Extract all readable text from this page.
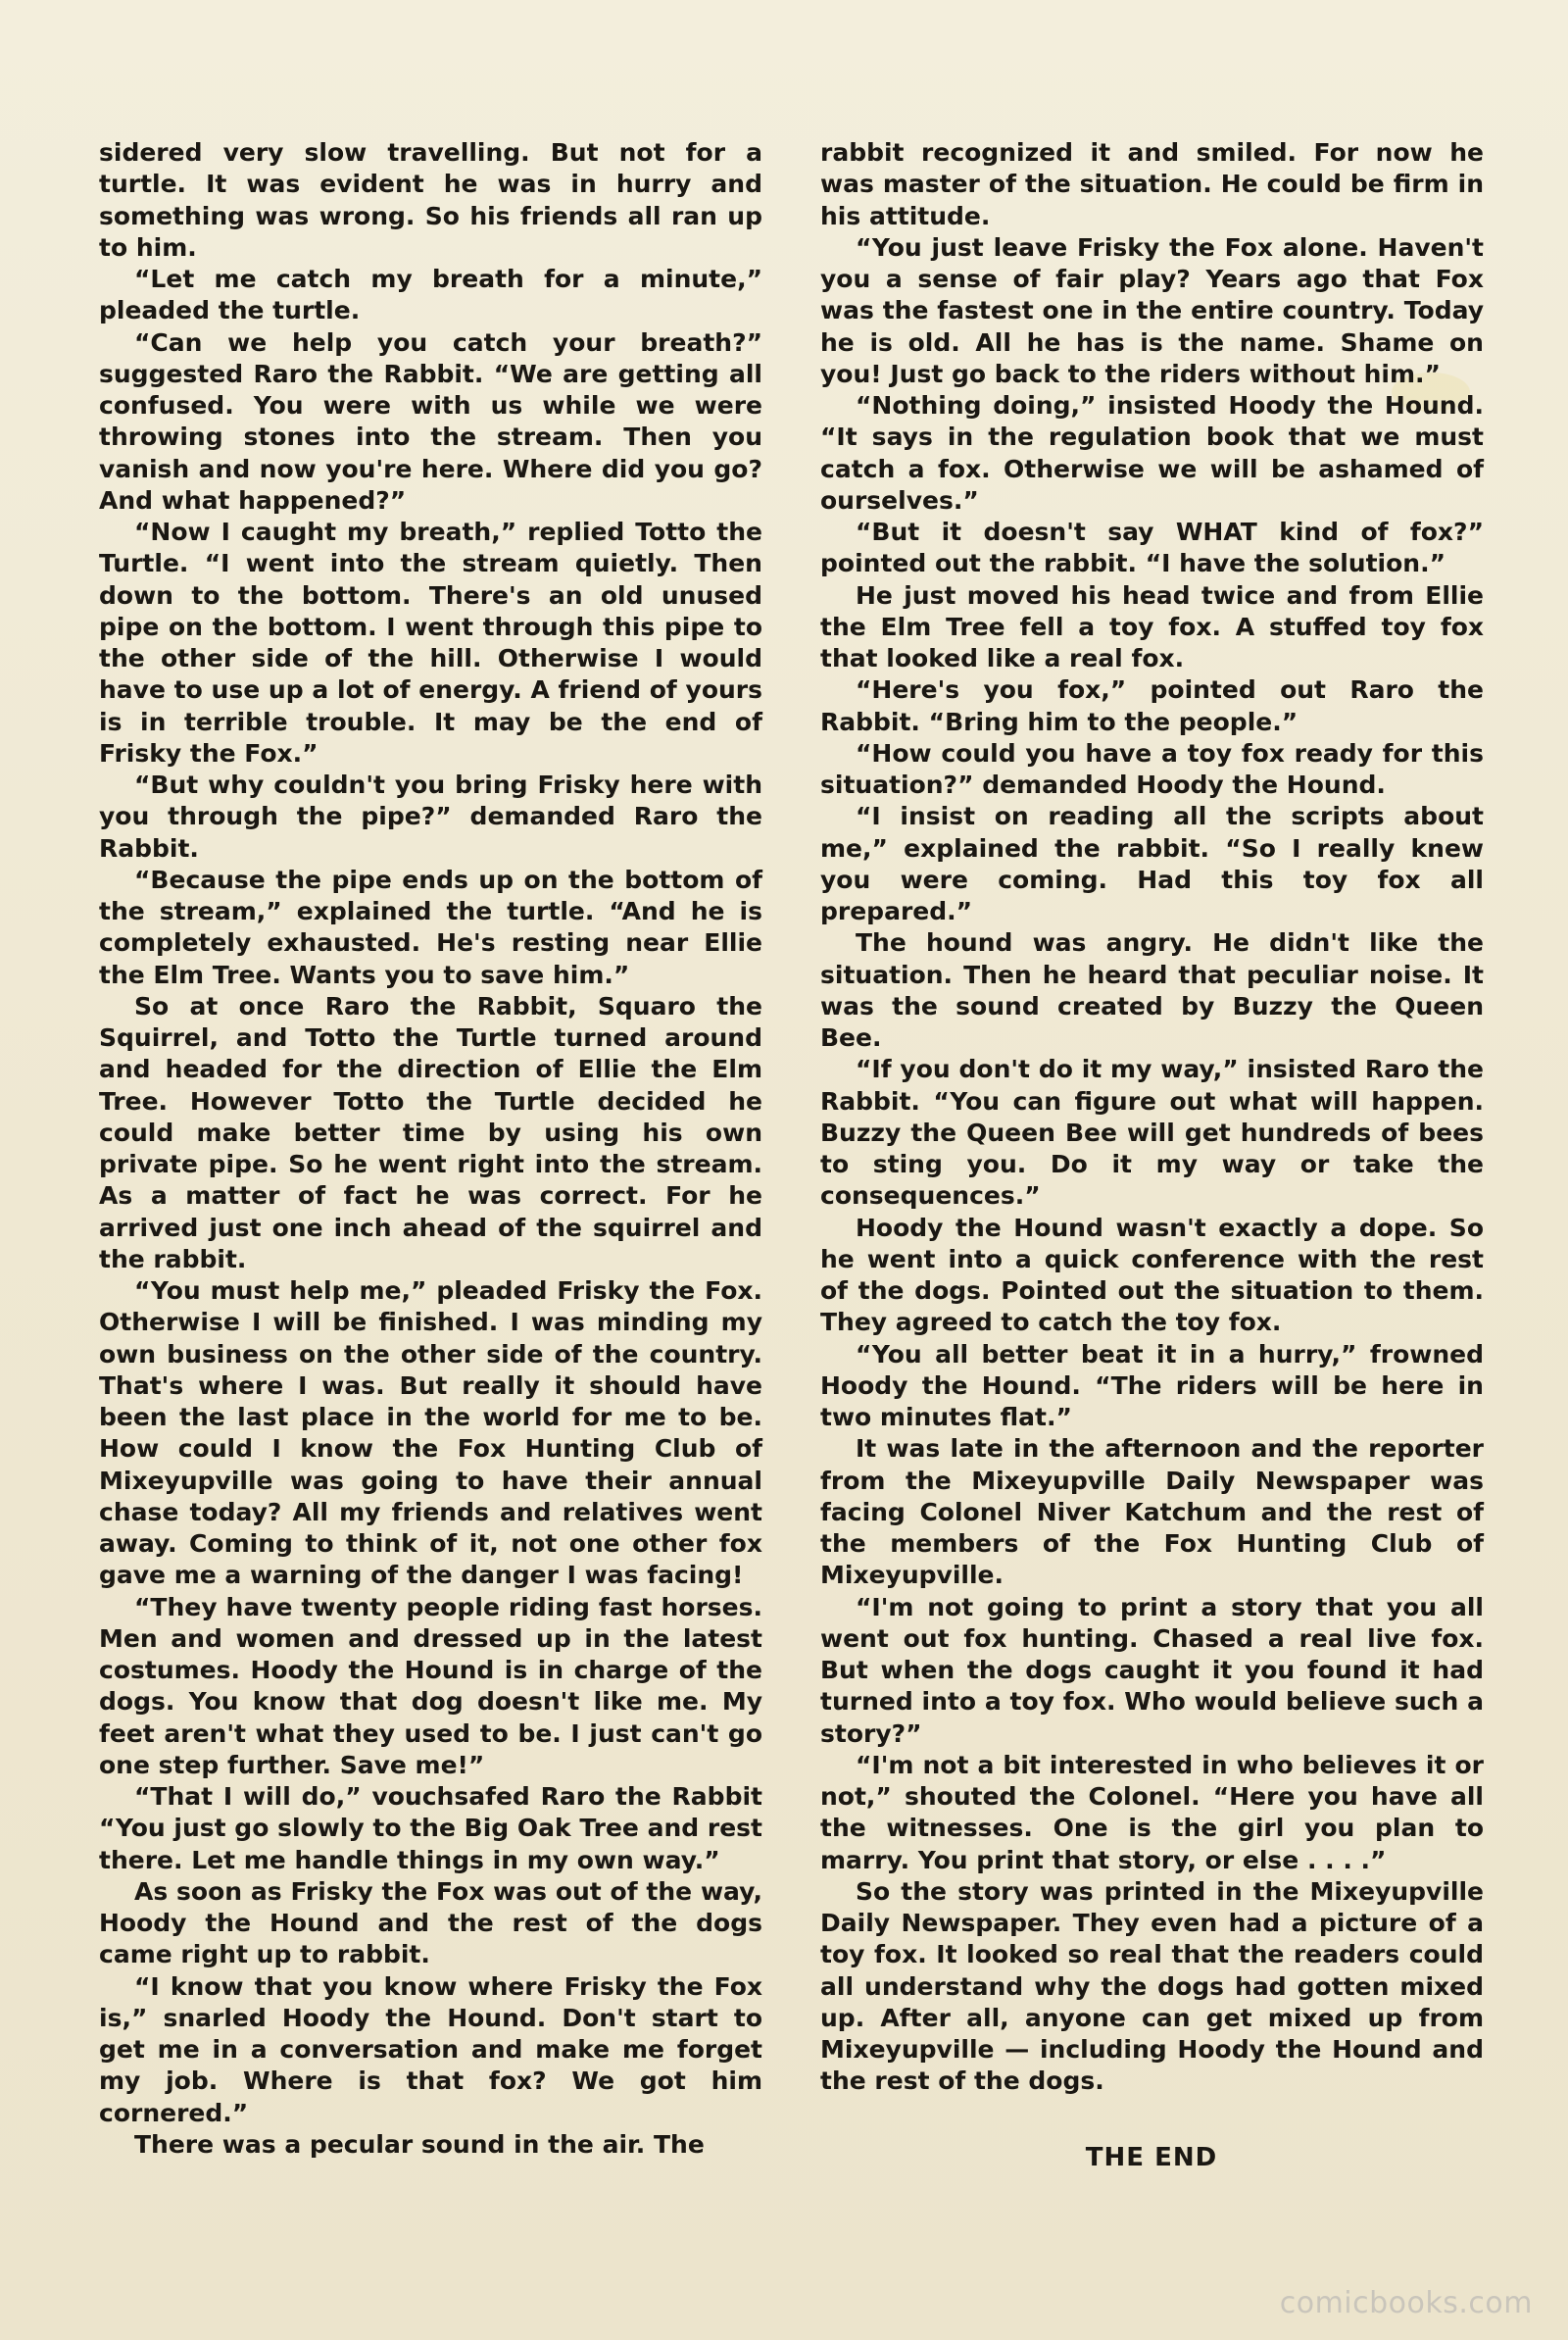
sidered very slow travelling. But not for a turtle. It was evident he was in hurry and something was wrong. So his friends all ran up to him.

“Let me catch my breath for a minute,” pleaded the turtle.

“Can we help you catch your breath?” suggested Raro the Rabbit. “We are getting all confused. You were with us while we were throwing stones into the stream. Then you vanish and now you're here. Where did you go? And what happened?”

“Now I caught my breath,” replied Totto the Turtle. “I went into the stream quietly. Then down to the bottom. There's an old unused pipe on the bottom. I went through this pipe to the other side of the hill. Otherwise I would have to use up a lot of energy. A friend of yours is in terrible trouble. It may be the end of Frisky the Fox.”

“But why couldn't you bring Frisky here with you through the pipe?” demanded Raro the Rabbit.

“Because the pipe ends up on the bottom of the stream,” explained the turtle. “And he is completely exhausted. He's resting near Ellie the Elm Tree. Wants you to save him.”

So at once Raro the Rabbit, Squaro the Squirrel, and Totto the Turtle turned around and headed for the direction of Ellie the Elm Tree. However Totto the Turtle decided he could make better time by using his own private pipe. So he went right into the stream. As a matter of fact he was correct. For he arrived just one inch ahead of the squirrel and the rabbit.

“You must help me,” pleaded Frisky the Fox. Otherwise I will be finished. I was minding my own business on the other side of the country. That's where I was. But really it should have been the last place in the world for me to be. How could I know the Fox Hunting Club of Mixeyupville was going to have their annual chase today? All my friends and relatives went away. Coming to think of it, not one other fox gave me a warning of the danger I was facing!

“They have twenty people riding fast horses. Men and women and dressed up in the latest costumes. Hoody the Hound is in charge of the dogs. You know that dog doesn't like me. My feet aren't what they used to be. I just can't go one step further. Save me!”

“That I will do,” vouchsafed Raro the Rabbit “You just go slowly to the Big Oak Tree and rest there. Let me handle things in my own way.”

As soon as Frisky the Fox was out of the way, Hoody the Hound and the rest of the dogs came right up to rabbit.

“I know that you know where Frisky the Fox is,” snarled Hoody the Hound. Don't start to get me in a conversation and make me forget my job. Where is that fox? We got him cornered.”

There was a pecular sound in the air. The

rabbit recognized it and smiled. For now he was master of the situation. He could be firm in his attitude.

“You just leave Frisky the Fox alone. Haven't you a sense of fair play? Years ago that Fox was the fastest one in the entire country. Today he is old. All he has is the name. Shame on you! Just go back to the riders without him.”

“Nothing doing,” insisted Hoody the Hound. “It says in the regulation book that we must catch a fox. Otherwise we will be ashamed of ourselves.”

“But it doesn't say WHAT kind of fox?” pointed out the rabbit. “I have the solution.”

He just moved his head twice and from Ellie the Elm Tree fell a toy fox. A stuffed toy fox that looked like a real fox.

“Here's you fox,” pointed out Raro the Rabbit. “Bring him to the people.”

“How could you have a toy fox ready for this situation?” demanded Hoody the Hound.

“I insist on reading all the scripts about me,” explained the rabbit. “So I really knew you were coming. Had this toy fox all prepared.”

The hound was angry. He didn't like the situation. Then he heard that peculiar noise. It was the sound created by Buzzy the Queen Bee.

“If you don't do it my way,” insisted Raro the Rabbit. “You can figure out what will happen. Buzzy the Queen Bee will get hundreds of bees to sting you. Do it my way or take the consequences.”

Hoody the Hound wasn't exactly a dope. So he went into a quick conference with the rest of the dogs. Pointed out the situation to them. They agreed to catch the toy fox.

“You all better beat it in a hurry,” frowned Hoody the Hound. “The riders will be here in two minutes flat.”

It was late in the afternoon and the reporter from the Mixeyupville Daily Newspaper was facing Colonel Niver Katchum and the rest of the members of the Fox Hunting Club of Mixeyupville.

“I'm not going to print a story that you all went out fox hunting. Chased a real live fox. But when the dogs caught it you found it had turned into a toy fox. Who would believe such a story?”

“I'm not a bit interested in who believes it or not,” shouted the Colonel. “Here you have all the witnesses. One is the girl you plan to marry. You print that story, or else . . . .”

So the story was printed in the Mixeyupville Daily Newspaper. They even had a picture of a toy fox. It looked so real that the readers could all understand why the dogs had gotten mixed up. After all, anyone can get mixed up from Mixeyupville — including Hoody the Hound and the rest of the dogs.

THE END
comicbooks.com
